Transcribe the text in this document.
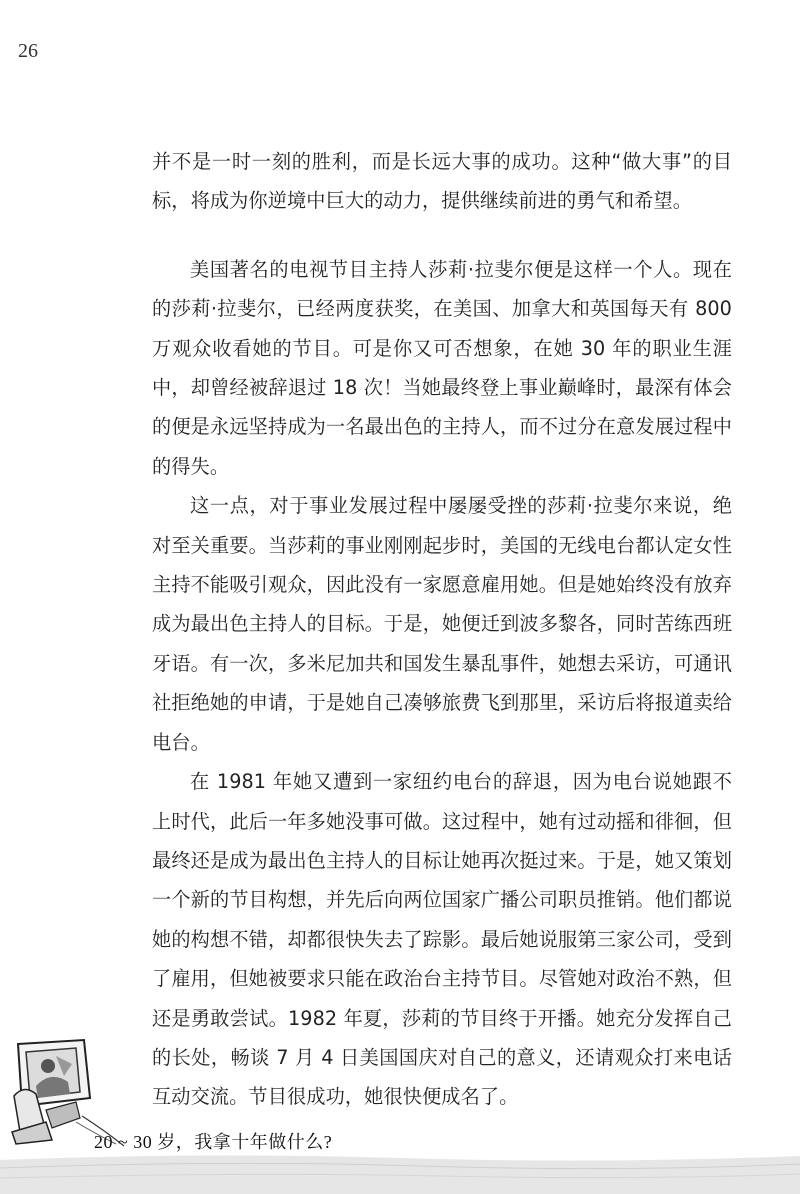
26

并不是一时一刻的胜利，而是长远大事的成功。这种“做大事”的目标，将成为你逆境中巨大的动力，提供继续前进的勇气和希望。

美国著名的电视节目主持人莎莉·拉斐尔便是这样一个人。现在的莎莉·拉斐尔，已经两度获奖，在美国、加拿大和英国每天有 800 万观众收看她的节目。可是你又可否想象，在她 30 年的职业生涯中，却曾经被辞退过 18 次！当她最终登上事业巅峰时，最深有体会的便是永远坚持成为一名最出色的主持人，而不过分在意发展过程中的得失。

这一点，对于事业发展过程中屡屡受挫的莎莉·拉斐尔来说，绝对至关重要。当莎莉的事业刚刚起步时，美国的无线电台都认定女性主持不能吸引观众，因此没有一家愿意雇用她。但是她始终没有放弃成为最出色主持人的目标。于是，她便迁到波多黎各，同时苦练西班牙语。有一次，多米尼加共和国发生暴乱事件，她想去采访，可通讯社拒绝她的申请，于是她自己凑够旅费飞到那里，采访后将报道卖给电台。

在 1981 年她又遭到一家纽约电台的辞退，因为电台说她跟不上时代，此后一年多她没事可做。这过程中，她有过动摇和徘徊，但最终还是成为最出色主持人的目标让她再次挺过来。于是，她又策划一个新的节目构想，并先后向两位国家广播公司职员推销。他们都说她的构想不错，却都很快失去了踪影。最后她说服第三家公司，受到了雇用，但她被要求只能在政治台主持节目。尽管她对政治不熟，但还是勇敢尝试。1982 年夏，莎莉的节目终于开播。她充分发挥自己的长处，畅谈 7 月 4 日美国国庆对自己的意义，还请观众打来电话互动交流。节目很成功，她很快便成名了。

20 ~ 30 岁，我拿十年做什么?
